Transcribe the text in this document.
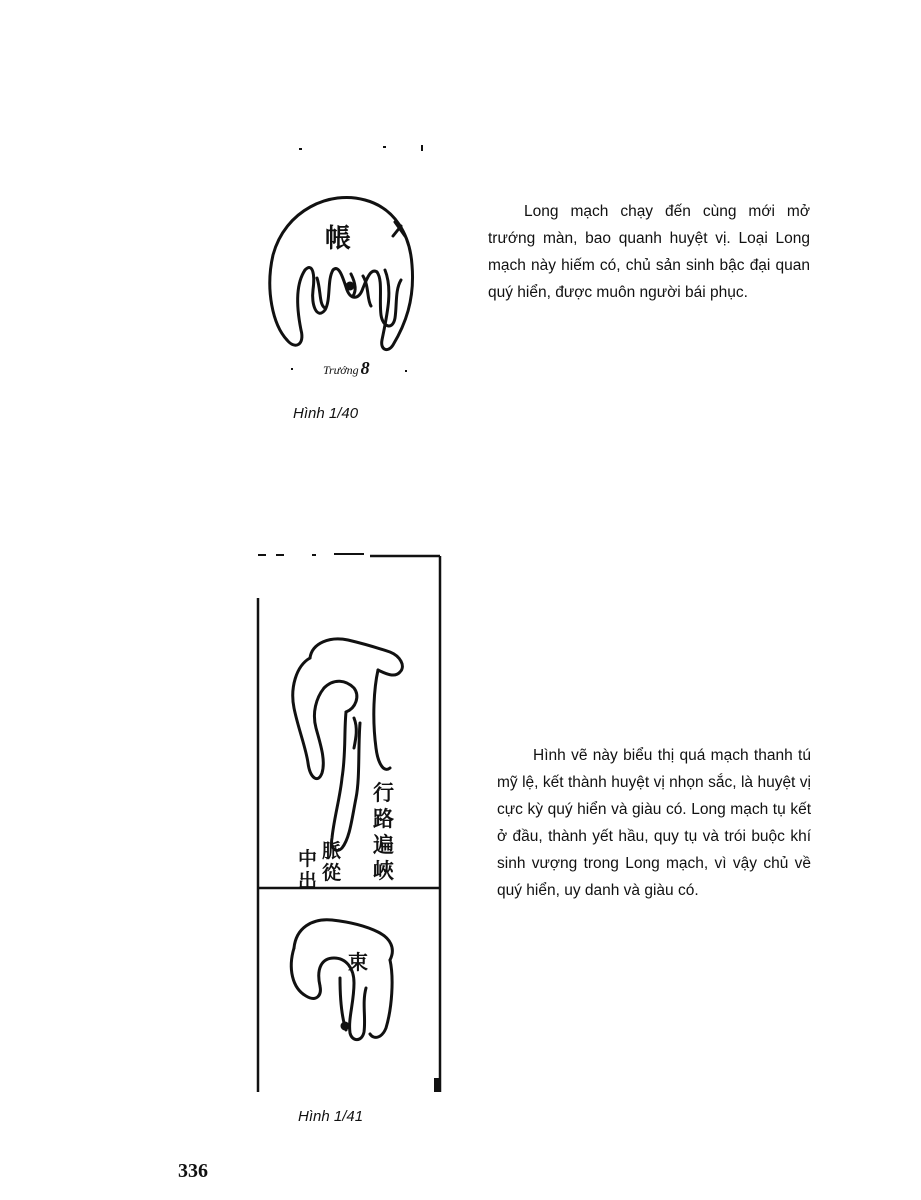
帳
Trướng 8
Hình 1/40

Long mạch chạy đến cùng mới mở trướng màn, bao quanh huyệt vị. Loại Long mạch này hiếm có, chủ sản sinh bậc đại quan quý hiển, được muôn người bái phục.

行路遍峽
中出
脈從
束
Hình 1/41

Hình vẽ này biểu thị quá mạch thanh tú mỹ lệ, kết thành huyệt vị nhọn sắc, là huyệt vị cực kỳ quý hiển và giàu có. Long mạch tụ kết ở đầu, thành yết hầu, quy tụ và trói buộc khí sinh vượng trong Long mạch, vì vậy chủ về quý hiển, uy danh và giàu có.

336
